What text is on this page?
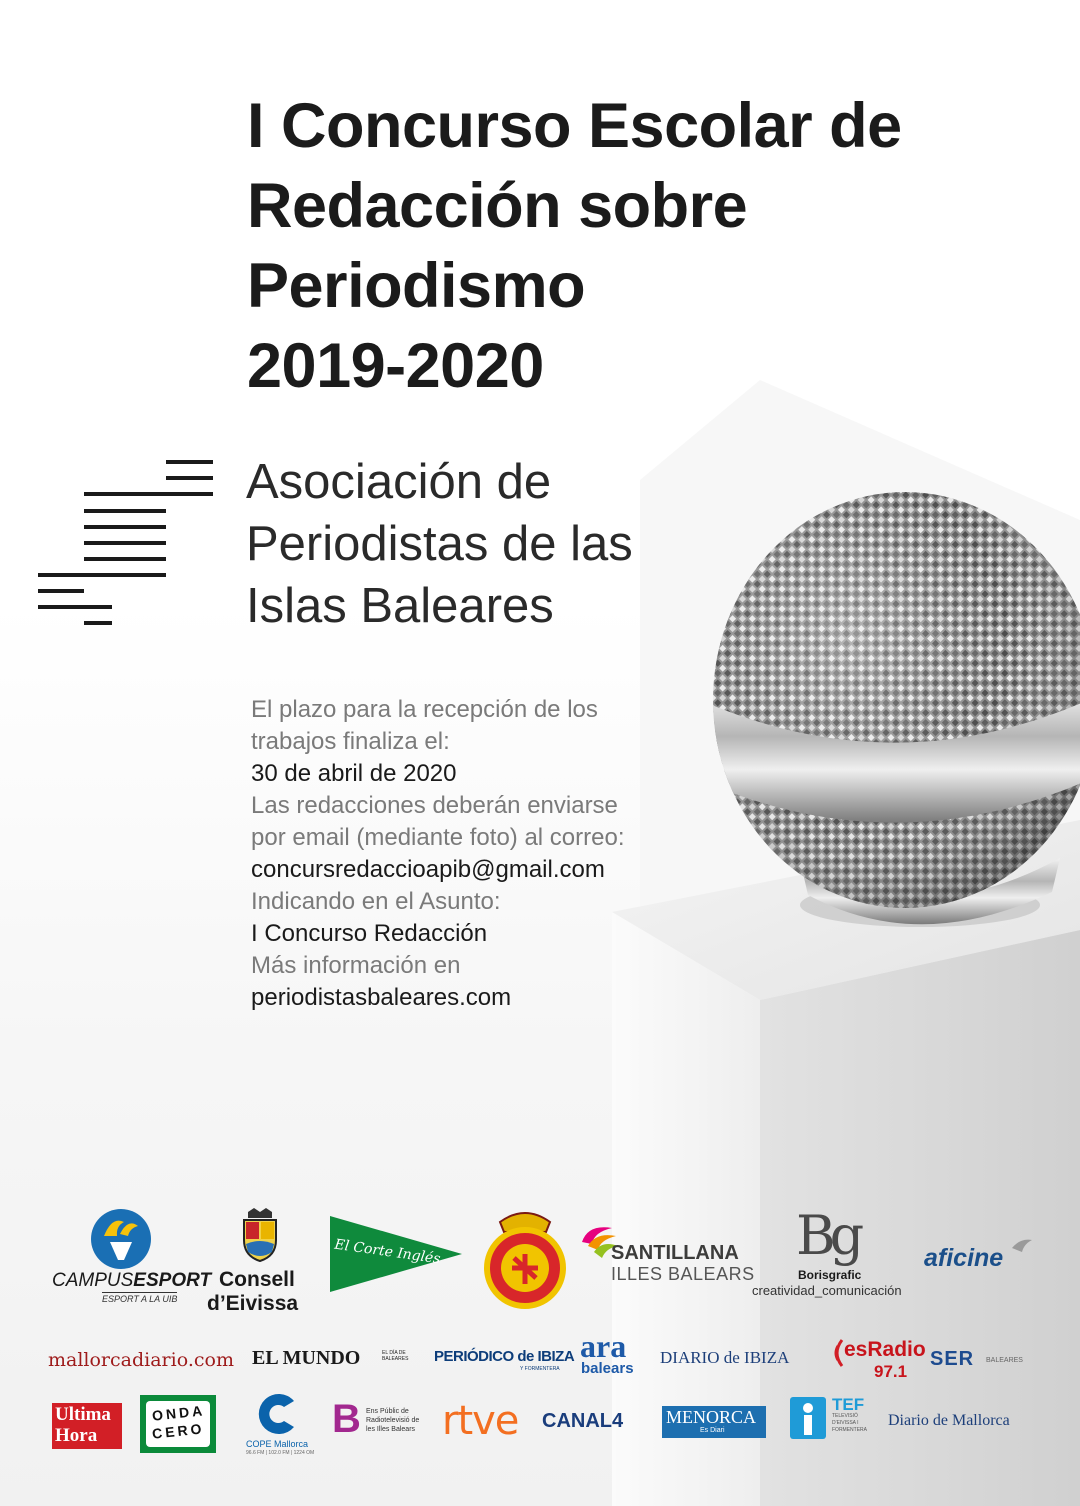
I Concurso Escolar de
Redacción sobre
Periodismo
2019-2020
Asociación de
Periodistas de las
Islas Baleares
El plazo para la recepción de los
trabajos finaliza el:
30 de abril de 2020
Las redacciones deberán enviarse
por email (mediante foto) al correo:
concursredaccioapib@gmail.com
Indicando en el Asunto:
I Concurso Redacción
Más información en
periodistasbaleares.com
CAMPUSESPORT
ESPORT A LA UIB
Consell
d’Eivissa
El Corte Inglés	SANTILLANA
ILLES BALEARS
Bg
Borisgrafic
creatividad_comunicación
aficine
mallorcadiario.com EL MUNDO	EL DÍA DE BALEARES PERIÓDICO de IBIZA
Y FORMENTERA
ara
balears
DIARIO de IBIZA	esRadio
97.1
SER BALEARES
Ultima
Hora
ONDA
CERO
COPE Mallorca
96.6 FM | 102.0 FM | 1224 OM
B Ens Públic de
Radiotelevisió de
les Illes Balears rtve CANAL4 MENORCA
Es Diari
TEF
TELEVISIÓ
D'EIVISSA I
FORMENTERA
Diario de Mallorca
